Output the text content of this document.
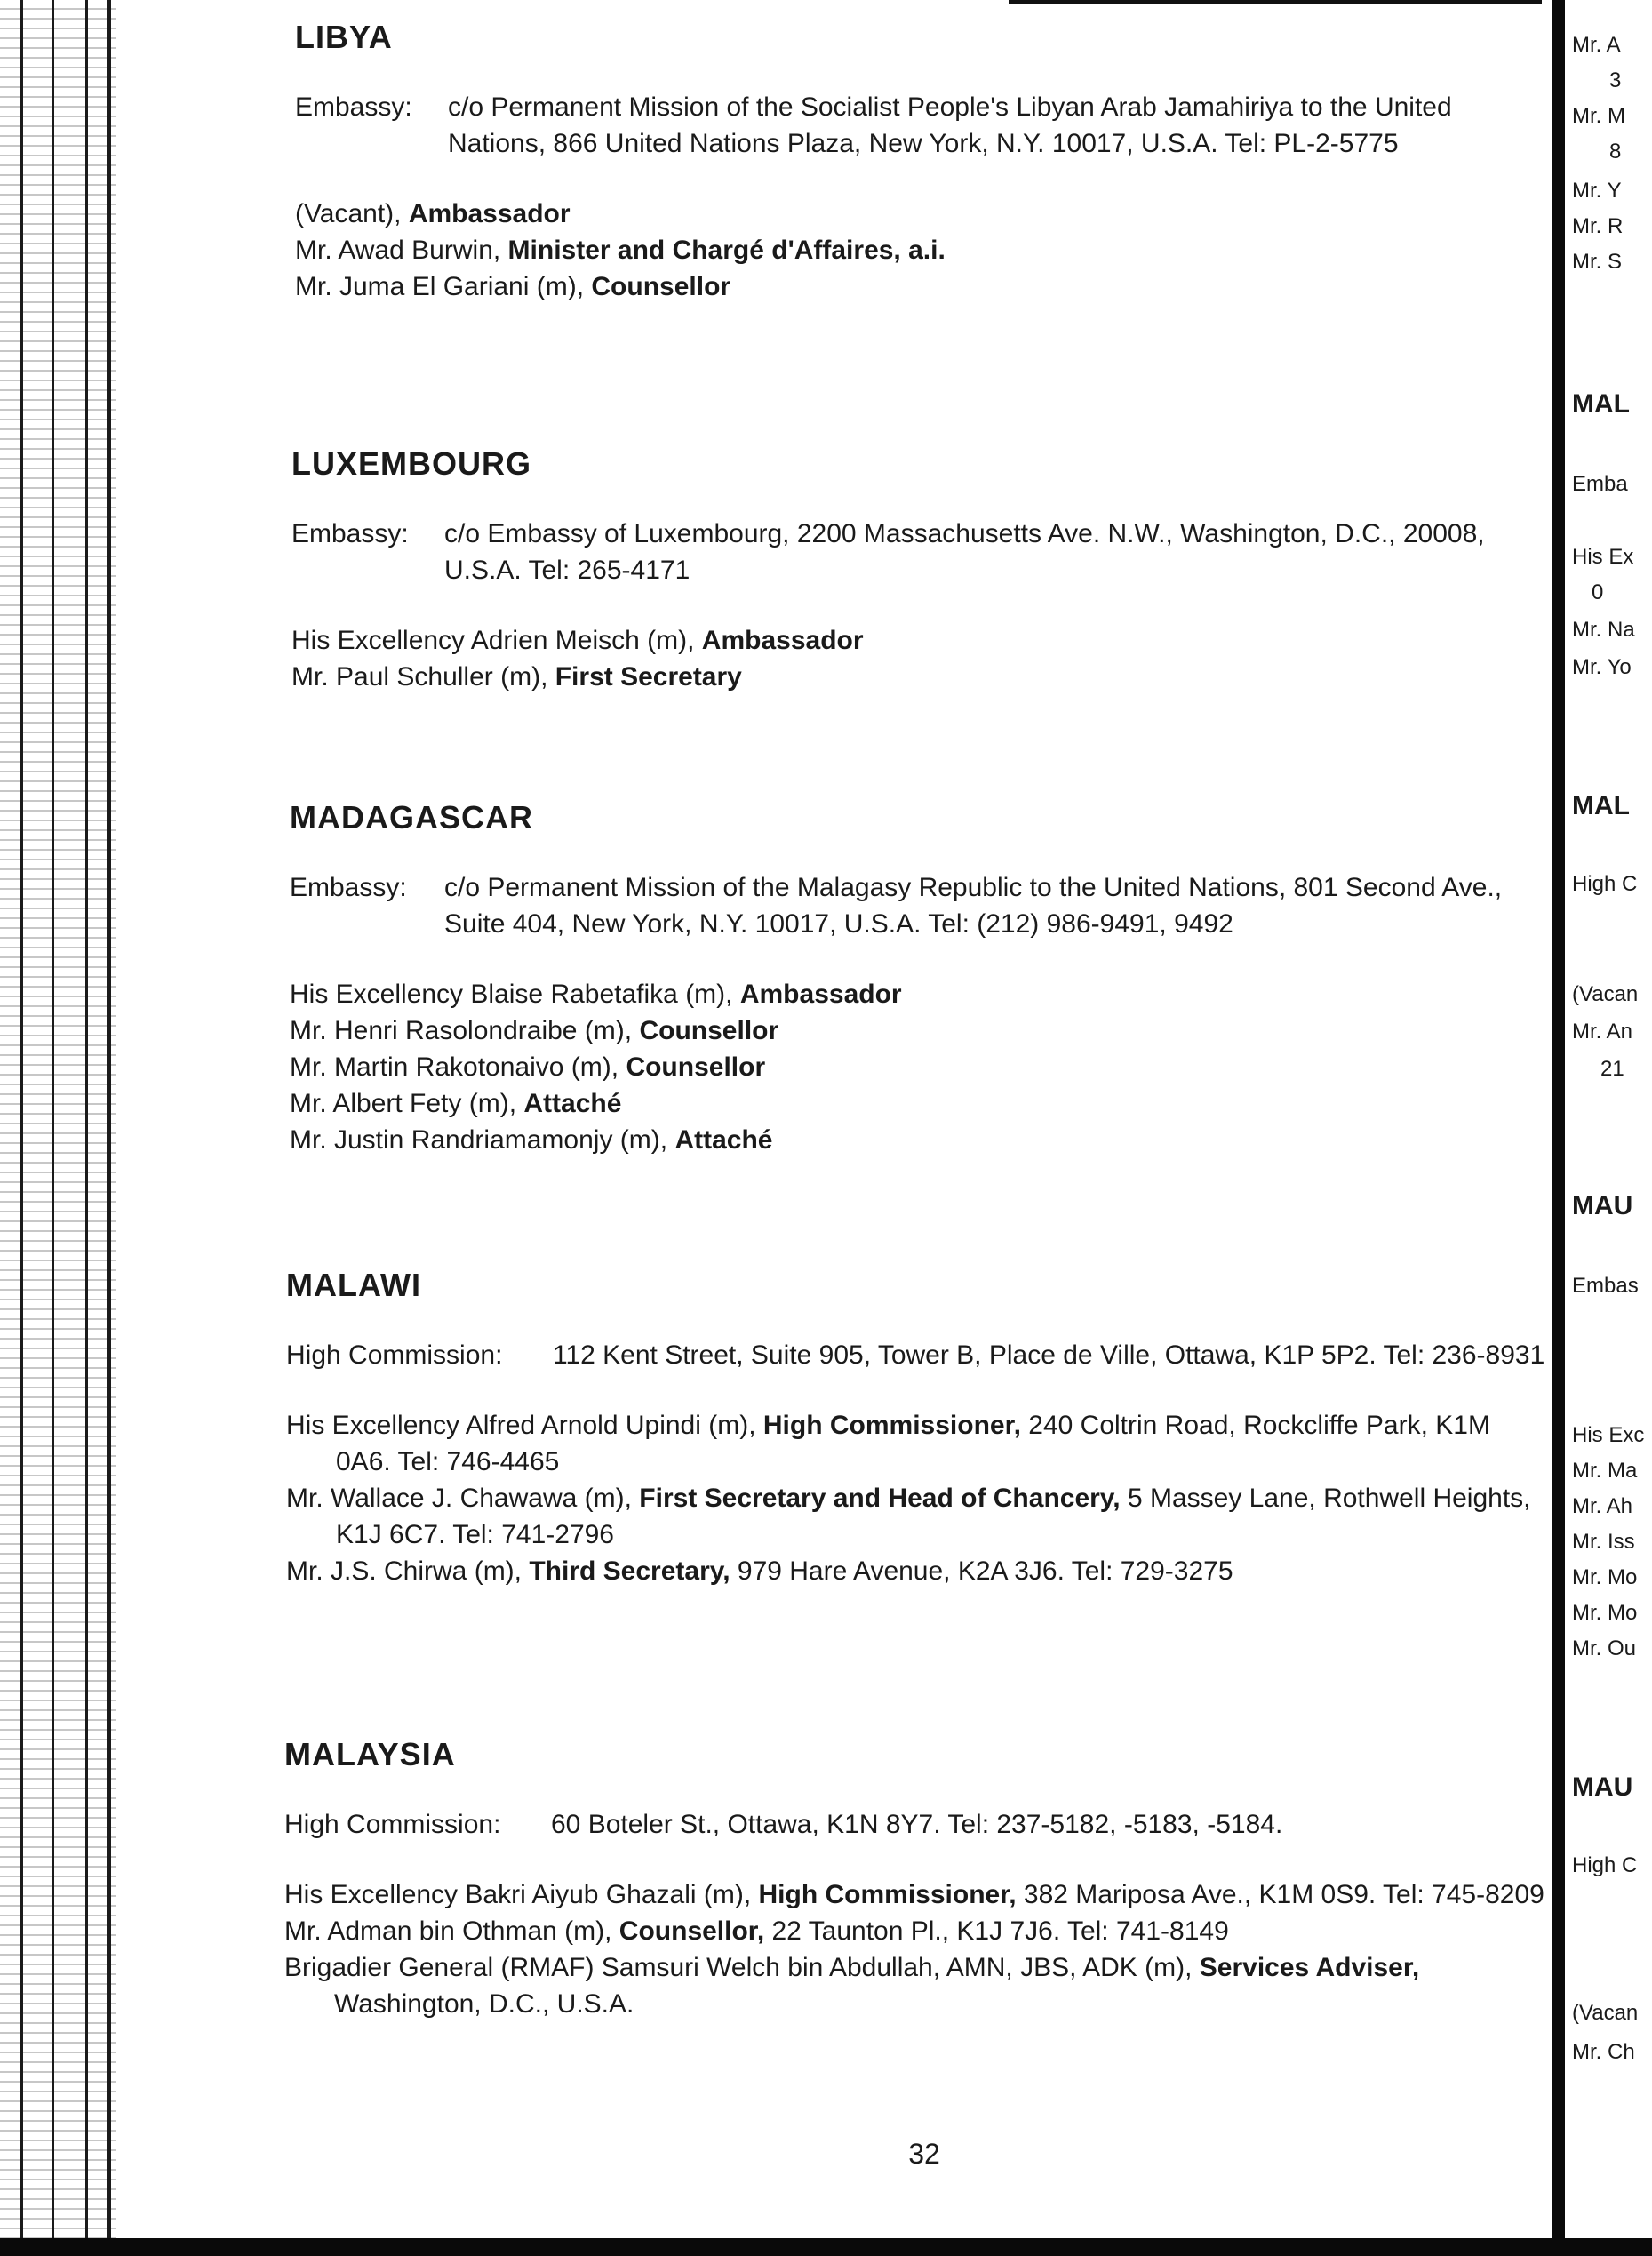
Mr. A
3
Mr. M
8
Mr. Y
Mr. R
Mr. S
MAL
Emba
His Ex
0
Mr. Na
Mr. Yo
MAL
High C
(Vacan
Mr. An
21
MAU
Embas
His Exc
Mr. Ma
Mr. Ah
Mr. Iss
Mr. Mo
Mr. Mo
Mr. Ou
MAU
High C
(Vacan
Mr. Ch
LIBYA
Embassy:	c/o Permanent Mission of the Socialist People's Libyan Arab Jamahiriya to the United Nations, 866 United Nations Plaza, New York, N.Y. 10017, U.S.A. Tel: PL-2-5775
(Vacant), Ambassador
Mr. Awad Burwin, Minister and Chargé d'Affaires, a.i.
Mr. Juma El Gariani (m), Counsellor
LUXEMBOURG
Embassy:	c/o Embassy of Luxembourg, 2200 Massachusetts Ave. N.W., Washington, D.C., 20008, U.S.A. Tel: 265-4171
His Excellency Adrien Meisch (m), Ambassador
Mr. Paul Schuller (m), First Secretary
MADAGASCAR
Embassy:	c/o Permanent Mission of the Malagasy Republic to the United Nations, 801 Second Ave., Suite 404, New York, N.Y. 10017, U.S.A. Tel: (212) 986-9491, 9492
His Excellency Blaise Rabetafika (m), Ambassador
Mr. Henri Rasolondraibe (m), Counsellor
Mr. Martin Rakotonaivo (m), Counsellor
Mr. Albert Fety (m), Attaché
Mr. Justin Randriamamonjy (m), Attaché
MALAWI
High Commission:	112 Kent Street, Suite 905, Tower B, Place de Ville, Ottawa, K1P 5P2. Tel: 236-8931
His Excellency Alfred Arnold Upindi (m), High Commissioner, 240 Coltrin Road, Rockcliffe Park, K1M 0A6. Tel: 746-4465
Mr. Wallace J. Chawawa (m), First Secretary and Head of Chancery, 5 Massey Lane, Rothwell Heights, K1J 6C7. Tel: 741-2796
Mr. J.S. Chirwa (m), Third Secretary, 979 Hare Avenue, K2A 3J6. Tel: 729-3275
MALAYSIA
High Commission:	60 Boteler St., Ottawa, K1N 8Y7. Tel: 237-5182, -5183, -5184.
His Excellency Bakri Aiyub Ghazali (m), High Commissioner, 382 Mariposa Ave., K1M 0S9. Tel: 745-8209
Mr. Adman bin Othman (m), Counsellor, 22 Taunton Pl., K1J 7J6. Tel: 741-8149
Brigadier General (RMAF) Samsuri Welch bin Abdullah, AMN, JBS, ADK (m), Services Adviser, Washington, D.C., U.S.A.
32
